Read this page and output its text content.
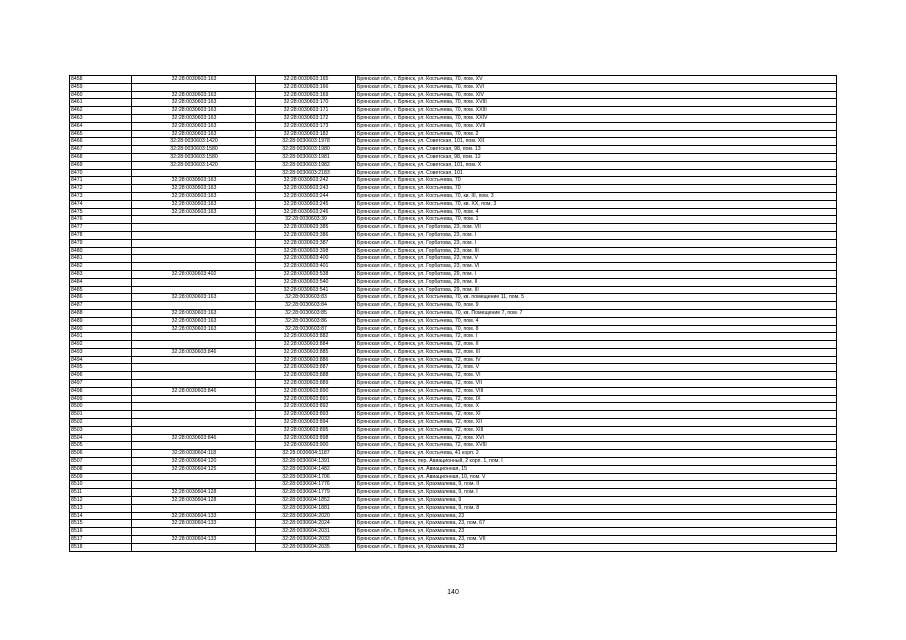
8458	32:28:0030603:163	32:28:0030603:165	Брянская обл., г. Брянск, ул. Костычева, 70, пом. XV
8459		32:28:0030603:166	Брянская обл., г. Брянск, ул. Костычева, 70, пом. XVI
8460	32:28:0030603:163	32:28:0030603:169	Брянская обл., г. Брянск, ул. Костычева, 70, пом. XIV
8461	32:28:0030603:163	32:28:0030603:170	Брянская обл., г. Брянск, ул. Костычева, 70, пом. XVIII
8462	32:28:0030603:163	32:28:0030603:171	Брянская обл., г. Брянск, ул. Костычева, 70, пом. XXIII
8463	32:28:0030603:163	32:28:0030603:172	Брянская обл., г. Брянск, ул. Костычева, 70, пом. XXIV
8464	32:28:0030603:163	32:28:0030603:173	Брянская обл., г. Брянск, ул. Костычева, 70, пом. XVII
8465	32:28:0030603:163	32:28:0030603:182	Брянская обл., г. Брянск, ул. Костычева, 70, пом. 2
8466	32:28:0030603:1420	32:28:0030603:1978	Брянская обл., г. Брянск, ул. Советская, 101, пом. XII
8467	32:28:0030603:1580	32:28:0030603:1980	Брянская обл., г. Брянск, ул. Советская, 98, пом. 13
8468	32:28:0030603:1580	32:28:0030603:1981	Брянская обл., г. Брянск, ул. Советская, 98, пом. 12
8469	32:28:0030603:1420	32:28:0030603:1982	Брянская обл., г. Брянск, ул. Советская, 101, пом. X
8470		32:28:0030603:2183	Брянская обл., г. Брянск, ул. Советская, 101
8471	32:28:0030603:163	32:28:0030603:242	Брянская обл., г. Брянск, ул. Костычева, 70
8472	32:28:0030603:163	32:28:0030603:243	Брянская обл., г. Брянск, ул. Костычева, 70
8473	32:28:0030603:163	32:28:0030603:244	Брянская обл., г. Брянск, ул. Костычева, 70, кв. III, пом. 3
8474	32:28:0030603:163	32:28:0030603:245	Брянская обл., г. Брянск, ул. Костычева, 70, кв. XX, пом. 3
8475	32:28:0030603:163	32:28:0030603:246	Брянская обл., г. Брянск, ул. Костычева, 70, пом. 4
8476		32:28:0030603:30	Брянская обл., г. Брянск, ул. Костычева, 70, пом. 1
8477		32:28:0030603:385	Брянская обл., г. Брянск, ул. Горбатова, 23, пом. VII
8478		32:28:0030603:386	Брянская обл., г. Брянск, ул. Горбатова, 23, пом. I
8479		32:28:0030603:387	Брянская обл., г. Брянск, ул. Горбатова, 23, пом. I
8480		32:28:0030603:398	Брянская обл., г. Брянск, ул. Горбатова, 23, пом. III
8481		32:28:0030603:400	Брянская обл., г. Брянск, ул. Горбатова, 23, пом. V
8482		32:28:0030603:401	Брянская обл., г. Брянск, ул. Горбатова, 23, пом. VI
8483	32:28:0030603:402	32:28:0030603:538	Брянская обл., г. Брянск, ул. Горбатова, 29, пом. I
8484		32:28:0030603:540	Брянская обл., г. Брянск, ул. Горбатова, 29, пом. II
8485		32:28:0030603:541	Брянская обл., г. Брянск, ул. Горбатова, 29, пом. III
8486	32:28:0030603:163	32:28:0030603:83	Брянская обл., г. Брянск, ул. Костычева, 70, кв. помещение 11, пом. 5
8487		32:28:0030603:84	Брянская обл., г. Брянск, ул. Костычева, 70, пом. 9
8488	32:28:0030603:163	32:28:0030603:85	Брянская обл., г. Брянск, ул. Костычева, 70, кв. Помещение 7, пом. 7
8489	32:28:0030603:163	32:28:0030603:86	Брянская обл., г. Брянск, ул. Костычева, 70, пом. 4
8490	32:28:0030603:163	32:28:0030603:87	Брянская обл., г. Брянск, ул. Костычева, 70, пом. 8
8491		32:28:0030603:882	Брянская обл., г. Брянск, ул. Костычева, 72, пом. I
8492		32:28:0030603:884	Брянская обл., г. Брянск, ул. Костычева, 72, пом. II
8493	32:28:0030603:846	32:28:0030603:885	Брянская обл., г. Брянск, ул. Костычева, 72, пом. III
8494		32:28:0030603:886	Брянская обл., г. Брянск, ул. Костычева, 72, пом. IV
8495		32:28:0030603:887	Брянская обл., г. Брянск, ул. Костычева, 72, пом. V
8496		32:28:0030603:888	Брянская обл., г. Брянск, ул. Костычева, 72, пом. VI
8497		32:28:0030603:889	Брянская обл., г. Брянск, ул. Костычева, 72, пом. VII
8498	32:28:0030603:846	32:28:0030603:890	Брянская обл., г. Брянск, ул. Костычева, 72, пом. VIII
8499		32:28:0030603:891	Брянская обл., г. Брянск, ул. Костычева, 72, пом. IX
8500		32:28:0030603:892	Брянская обл., г. Брянск, ул. Костычева, 72, пом. X
8501		32:28:0030603:893	Брянская обл., г. Брянск, ул. Костычева, 72, пом. XI
8502		32:28:0030603:894	Брянская обл., г. Брянск, ул. Костычева, 72, пом. XII
8503		32:28:0030603:895	Брянская обл., г. Брянск, ул. Костычева, 72, пом. XIII
8504	32:28:0030603:846	32:28:0030603:898	Брянская обл., г. Брянск, ул. Костычева, 72, пом. XVI
8505		32:28:0030603:900	Брянская обл., г. Брянск, ул. Костычева, 72, пом. XVIII
8506	32:28:0030604:118	32:28:0030604:1187	Брянская обл., г. Брянск, ул. Костычева, 41 корп. 2
8507	32:28:0030604:120	32:28:0030604:1391	Брянская обл., г. Брянск, пер. Авиационный, 2 корп. 1, пом. I
8508	32:28:0030604:125	32:28:0030604:1482	Брянская обл., г. Брянск, ул. Авиационная, 15
8509		32:28:0030604:1706	Брянская обл., г. Брянск, ул. Авиационная, 10, пом. V
8510		32:28:0030604:1776	Брянская обл., г. Брянск, ул. Крахмалева, 9, пом. II
8511	32:28:0030604:128	32:28:0030604:1779	Брянская обл., г. Брянск, ул. Крахмалева, 9, пом. I
8512	32:28:0030604:128	32:28:0030604:1852	Брянская обл., г. Брянск, ул. Крахмалева, 9
8513		32:28:0030604:1881	Брянская обл., г. Брянск, ул. Крахмалева, 9, пом. 8
8514	32:28:0030604:133	32:28:0030604:2020	Брянская обл., г. Брянск, ул. Крахмалева, 23
8515	32:28:0030604:133	32:28:0030604:2024	Брянская обл., г. Брянск, ул. Крахмалева, 23, пом. 67
8516		32:28:0030604:2031	Брянская обл., г. Брянск, ул. Крахмалева, 23
8517	32:28:0030604:133	32:28:0030604:2033	Брянская обл., г. Брянск, ул. Крахмалева, 23, пом. VII
8518		32:28:0030604:2035	Брянская обл., г. Брянск, ул. Крахмалева, 23
140
